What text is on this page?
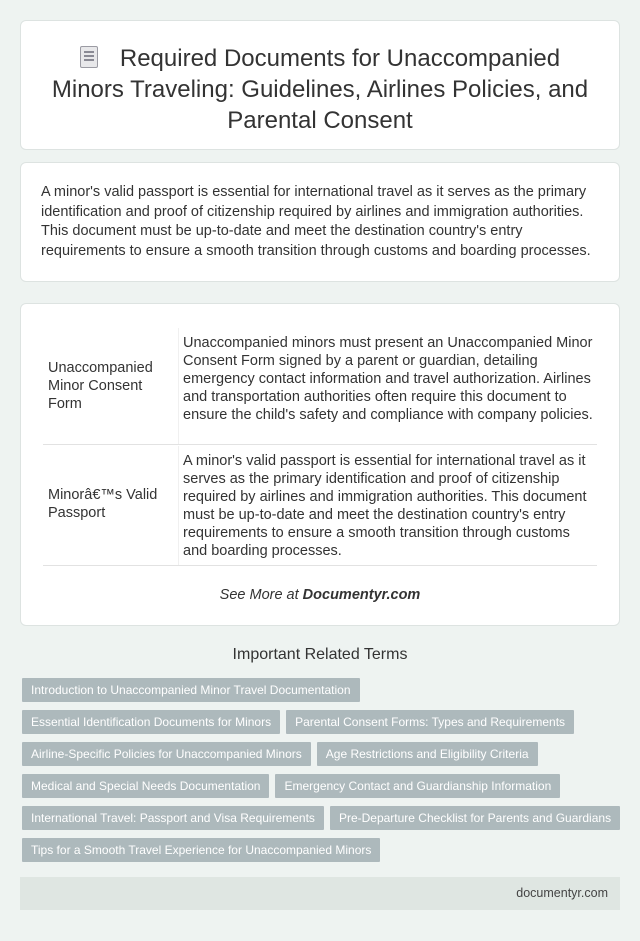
Required Documents for Unaccompanied Minors Traveling: Guidelines, Airlines Policies, and Parental Consent

A minor's valid passport is essential for international travel as it serves as the primary identification and proof of citizenship required by airlines and immigration authorities. This document must be up-to-date and meet the destination country's entry requirements to ensure a smooth transition through customs and boarding processes.

Unaccompanied Minor Consent Form
Unaccompanied minors must present an Unaccompanied Minor Consent Form signed by a parent or guardian, detailing emergency contact information and travel authorization. Airlines and transportation authorities often require this document to ensure the child's safety and compliance with company policies.
Minorâ€™s Valid Passport
A minor's valid passport is essential for international travel as it serves as the primary identification and proof of citizenship required by airlines and immigration authorities. This document must be up-to-date and meet the destination country's entry requirements to ensure a smooth transition through customs and boarding processes.
See More at Documentyr.com
Important Related Terms
Introduction to Unaccompanied Minor Travel Documentation
Essential Identification Documents for Minors Parental Consent Forms: Types and Requirements
Airline-Specific Policies for Unaccompanied Minors Age Restrictions and Eligibility Criteria
Medical and Special Needs Documentation Emergency Contact and Guardianship Information
International Travel: Passport and Visa Requirements Pre-Departure Checklist for Parents and Guardians
Tips for a Smooth Travel Experience for Unaccompanied Minors
documentyr.com
